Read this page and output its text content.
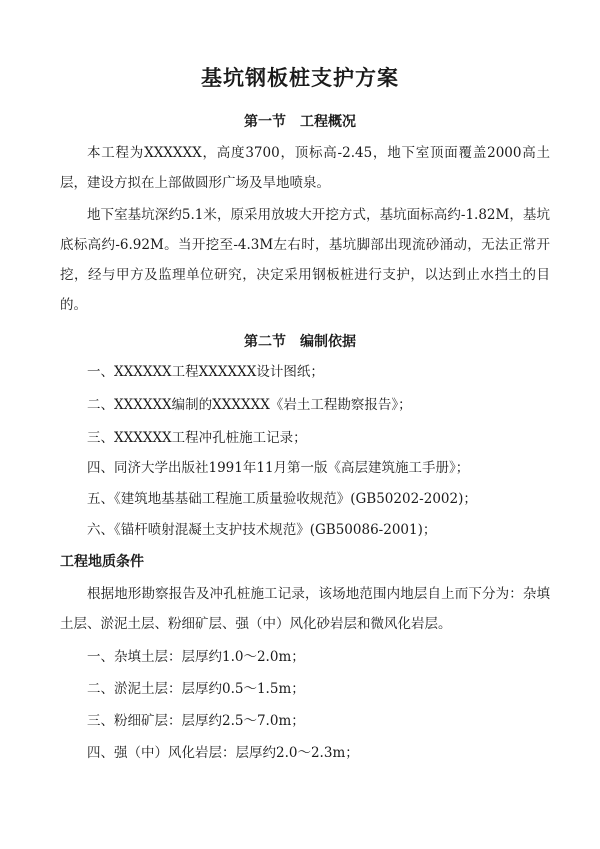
基坑钢板桩支护方案
第一节　工程概况
本工程为XXXXXX，高度3700，顶标高-2.45，地下室顶面覆盖2000高土层，建设方拟在上部做圆形广场及旱地喷泉。
地下室基坑深约5.1米，原采用放坡大开挖方式，基坑面标高约-1.82M，基坑底标高约-6.92M。当开挖至-4.3M左右时，基坑脚部出现流砂涌动，无法正常开挖，经与甲方及监理单位研究，决定采用钢板桩进行支护，以达到止水挡土的目的。
第二节　编制依据
一、XXXXXX工程XXXXXX设计图纸；
二、XXXXXX编制的XXXXXX《岩土工程勘察报告》；
三、XXXXXX工程冲孔桩施工记录；
四、同济大学出版社1991年11月第一版《高层建筑施工手册》；
五、《建筑地基基础工程施工质量验收规范》(GB50202-2002)；
六、《锚杆喷射混凝土支护技术规范》(GB50086-2001)；
工程地质条件
根据地形勘察报告及冲孔桩施工记录，该场地范围内地层自上而下分为：杂填土层、淤泥土层、粉细矿层、强（中）风化砂岩层和微风化岩层。
一、杂填土层：层厚约1.0～2.0m；
二、淤泥土层：层厚约0.5～1.5m；
三、粉细矿层：层厚约2.5～7.0m；
四、强（中）风化岩层：层厚约2.0～2.3m；
